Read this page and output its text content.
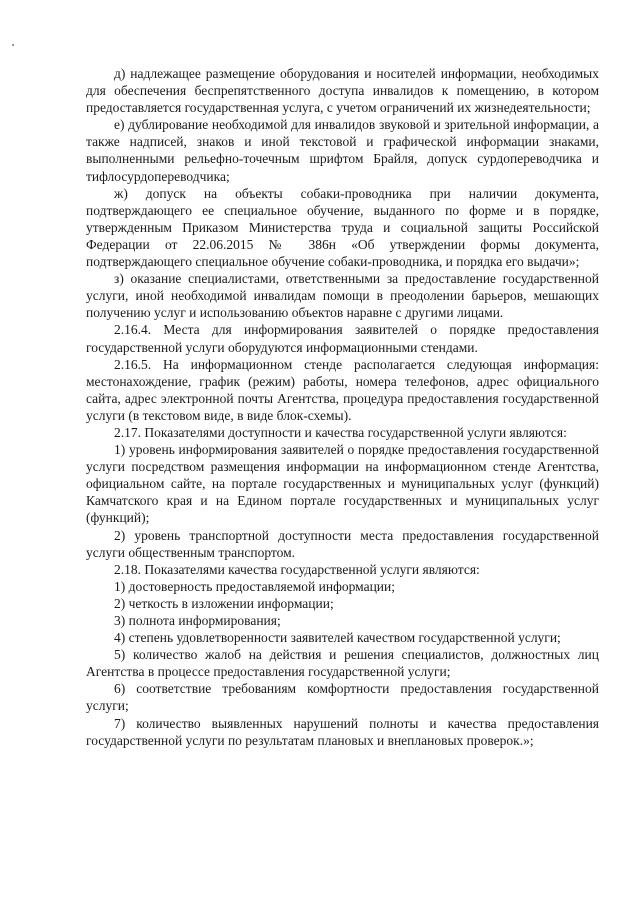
д) надлежащее размещение оборудования и носителей информации, необходимых для обеспечения беспрепятственного доступа инвалидов к помещению, в котором предоставляется государственная услуга, с учетом ограничений их жизнедеятельности;

е) дублирование необходимой для инвалидов звуковой и зрительной информации, а также надписей, знаков и иной текстовой и графической информации знаками, выполненными рельефно-точечным шрифтом Брайля, допуск сурдопереводчика и тифлосурдопереводчика;

ж) допуск на объекты собаки-проводника при наличии документа, подтверждающего ее специальное обучение, выданного по форме и в порядке, утвержденным Приказом Министерства труда и социальной защиты Российской Федерации от 22.06.2015 № 386н «Об утверждении формы документа, подтверждающего специальное обучение собаки-проводника, и порядка его выдачи»;

з) оказание специалистами, ответственными за предоставление государственной услуги, иной необходимой инвалидам помощи в преодолении барьеров, мешающих получению услуг и использованию объектов наравне с другими лицами.

2.16.4. Места для информирования заявителей о порядке предоставления государственной услуги оборудуются информационными стендами.

2.16.5. На информационном стенде располагается следующая информация: местонахождение, график (режим) работы, номера телефонов, адрес официального сайта, адрес электронной почты Агентства, процедура предоставления государственной услуги (в текстовом виде, в виде блок-схемы).

2.17. Показателями доступности и качества государственной услуги являются:

1) уровень информирования заявителей о порядке предоставления государственной услуги посредством размещения информации на информационном стенде Агентства, официальном сайте, на портале государственных и муниципальных услуг (функций) Камчатского края и на Едином портале государственных и муниципальных услуг (функций);

2) уровень транспортной доступности места предоставления государственной услуги общественным транспортом.

2.18. Показателями качества государственной услуги являются:

1) достоверность предоставляемой информации;

2) четкость в изложении информации;

3) полнота информирования;

4) степень удовлетворенности заявителей качеством государственной услуги;

5) количество жалоб на действия и решения специалистов, должностных лиц Агентства в процессе предоставления государственной услуги;

6) соответствие требованиям комфортности предоставления государственной услуги;

7) количество выявленных нарушений полноты и качества предоставления государственной услуги по результатам плановых и внеплановых проверок.»;
